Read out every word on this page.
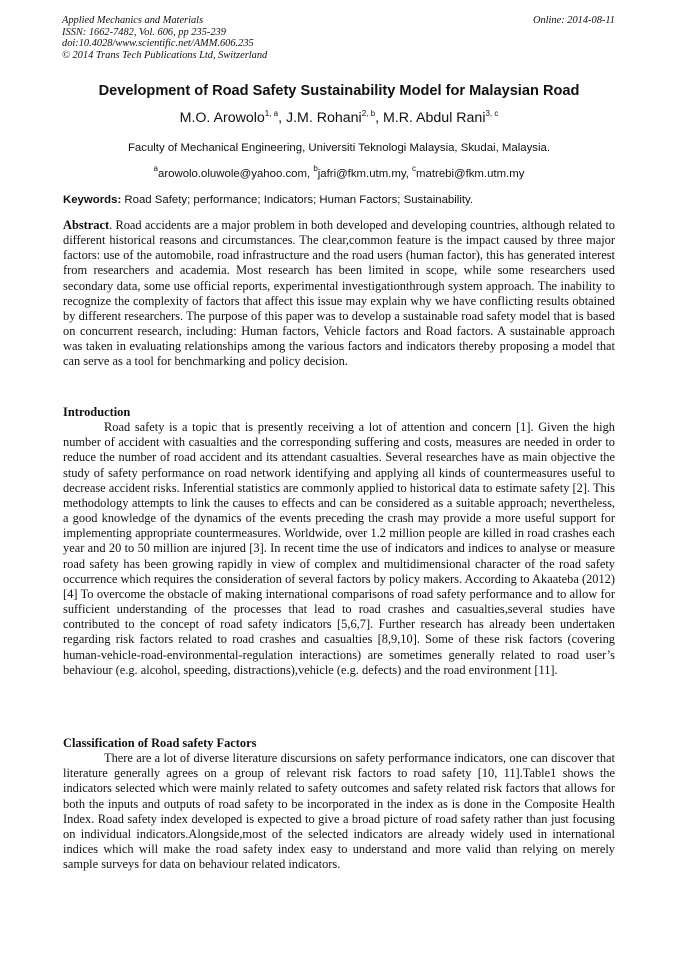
Applied Mechanics and Materials
ISSN: 1662-7482, Vol. 606, pp 235-239
doi:10.4028/www.scientific.net/AMM.606.235
© 2014 Trans Tech Publications Ltd, Switzerland
Online: 2014-08-11
Development of Road Safety Sustainability Model for Malaysian Road
M.O. Arowolo$^{1, a}$, J.M. Rohani$^{2, b}$, M.R. Abdul Rani$^{3, c}$
Faculty of Mechanical Engineering, Universiti Teknologi Malaysia, Skudai, Malaysia.
$^a$arowolo.oluwole@yahoo.com, $^b$jafri@fkm.utm.my, $^c$matrebi@fkm.utm.my
Keywords: Road Safety; performance; Indicators; Human Factors; Sustainability.

Abstract. Road accidents are a major problem in both developed and developing countries, although related to different historical reasons and circumstances. The clear,common feature is the impact caused by three major factors: use of the automobile, road infrastructure and the road users (human factor), this has generated interest from researchers and academia. Most research has been limited in scope, while some researchers used secondary data, some use official reports, experimental investigationthrough system approach. The inability to recognize the complexity of factors that affect this issue may explain why we have conflicting results obtained by different researchers. The purpose of this paper was to develop a sustainable road safety model that is based on concurrent research, including: Human factors, Vehicle factors and Road factors. A sustainable approach was taken in evaluating relationships among the various factors and indicators thereby proposing a model that can serve as a tool for benchmarking and policy decision.

Introduction

Road safety is a topic that is presently receiving a lot of attention and concern [1]. Given the high number of accident with casualties and the corresponding suffering and costs, measures are needed in order to reduce the number of road accident and its attendant casualties. Several researches have as main objective the study of safety performance on road network identifying and applying all kinds of countermeasures useful to decrease accident risks. Inferential statistics are commonly applied to historical data to estimate safety [2]. This methodology attempts to link the causes to effects and can be considered as a suitable approach; nevertheless, a good knowledge of the dynamics of the events preceding the crash may provide a more useful support for implementing appropriate countermeasures. Worldwide, over 1.2 million people are killed in road crashes each year and 20 to 50 million are injured [3]. In recent time the use of indicators and indices to analyse or measure road safety has been growing rapidly in view of complex and multidimensional character of the road safety occurrence which requires the consideration of several factors by policy makers. According to Akaateba (2012) [4] To overcome the obstacle of making international comparisons of road safety performance and to allow for sufficient understanding of the processes that lead to road crashes and casualties,several studies have contributed to the concept of road safety indicators [5,6,7]. Further research has already been undertaken regarding risk factors related to road crashes and casualties [8,9,10]. Some of these risk factors (covering human-vehicle-road-environmental-regulation interactions) are sometimes generally related to road user’s behaviour (e.g. alcohol, speeding, distractions),vehicle (e.g. defects) and the road environment [11].

Classification of Road safety Factors

There are a lot of diverse literature discursions on safety performance indicators, one can discover that literature generally agrees on a group of relevant risk factors to road safety [10, 11].Table1 shows the indicators selected which were mainly related to safety outcomes and safety related risk factors that allows for both the inputs and outputs of road safety to be incorporated in the index as is done in the Composite Health Index. Road safety index developed is expected to give a broad picture of road safety rather than just focusing on individual indicators.Alongside,most of the selected indicators are already widely used in international indices which will make the road safety index easy to understand and more valid than relying on merely sample surveys for data on behaviour related indicators.
